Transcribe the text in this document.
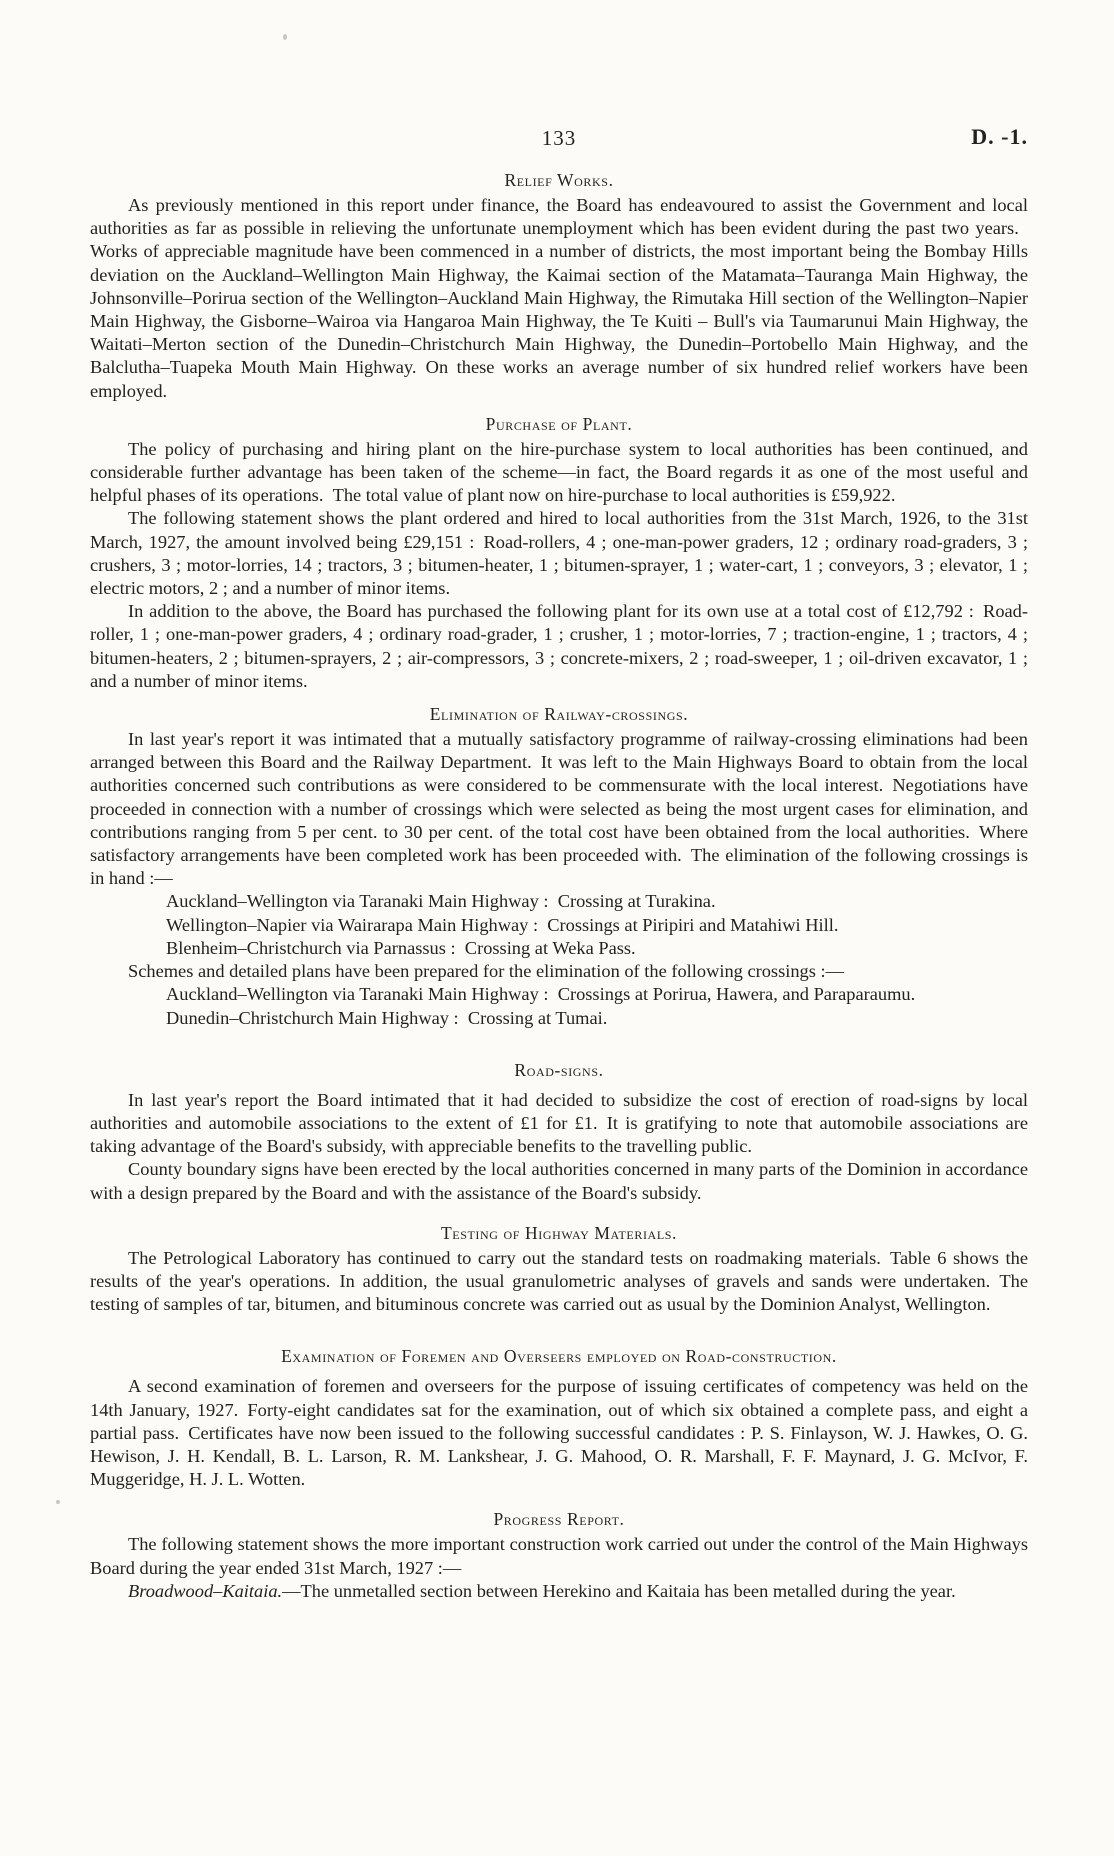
133	D. -1.
Relief Works.

As previously mentioned in this report under finance, the Board has endeavoured to assist the Government and local authorities as far as possible in relieving the unfortunate unemployment which has been evident during the past two years. Works of appreciable magnitude have been commenced in a number of districts, the most important being the Bombay Hills deviation on the Auckland–Wellington Main Highway, the Kaimai section of the Matamata–Tauranga Main Highway, the Johnsonville–Porirua section of the Wellington–Auckland Main Highway, the Rimutaka Hill section of the Wellington–Napier Main Highway, the Gisborne–Wairoa via Hangaroa Main Highway, the Te Kuiti – Bull's via Taumarunui Main Highway, the Waitati–Merton section of the Dunedin–Christchurch Main Highway, the Dunedin–Portobello Main Highway, and the Balclutha–Tuapeka Mouth Main Highway. On these works an average number of six hundred relief workers have been employed.

Purchase of Plant.

The policy of purchasing and hiring plant on the hire-purchase system to local authorities has been continued, and considerable further advantage has been taken of the scheme—in fact, the Board regards it as one of the most useful and helpful phases of its operations. The total value of plant now on hire-purchase to local authorities is £59,922.

The following statement shows the plant ordered and hired to local authorities from the 31st March, 1926, to the 31st March, 1927, the amount involved being £29,151 : Road-rollers, 4 ; one-man-power graders, 12 ; ordinary road-graders, 3 ; crushers, 3 ; motor-lorries, 14 ; tractors, 3 ; bitumen-heater, 1 ; bitumen-sprayer, 1 ; water-cart, 1 ; conveyors, 3 ; elevator, 1 ; electric motors, 2 ; and a number of minor items.

In addition to the above, the Board has purchased the following plant for its own use at a total cost of £12,792 : Road-roller, 1 ; one-man-power graders, 4 ; ordinary road-grader, 1 ; crusher, 1 ; motor-lorries, 7 ; traction-engine, 1 ; tractors, 4 ; bitumen-heaters, 2 ; bitumen-sprayers, 2 ; air-compressors, 3 ; concrete-mixers, 2 ; road-sweeper, 1 ; oil-driven excavator, 1 ; and a number of minor items.

Elimination of Railway-crossings.

In last year's report it was intimated that a mutually satisfactory programme of railway-crossing eliminations had been arranged between this Board and the Railway Department. It was left to the Main Highways Board to obtain from the local authorities concerned such contributions as were considered to be commensurate with the local interest. Negotiations have proceeded in connection with a number of crossings which were selected as being the most urgent cases for elimination, and contributions ranging from 5 per cent. to 30 per cent. of the total cost have been obtained from the local authorities. Where satisfactory arrangements have been completed work has been proceeded with. The elimination of the following crossings is in hand :—

Auckland–Wellington via Taranaki Main Highway : Crossing at Turakina.

Wellington–Napier via Wairarapa Main Highway : Crossings at Piripiri and Matahiwi Hill.

Blenheim–Christchurch via Parnassus : Crossing at Weka Pass.

Schemes and detailed plans have been prepared for the elimination of the following crossings :—

Auckland–Wellington via Taranaki Main Highway : Crossings at Porirua, Hawera, and Paraparaumu.

Dunedin–Christchurch Main Highway : Crossing at Tumai.

Road-signs.

In last year's report the Board intimated that it had decided to subsidize the cost of erection of road-signs by local authorities and automobile associations to the extent of £1 for £1. It is gratifying to note that automobile associations are taking advantage of the Board's subsidy, with appreciable benefits to the travelling public.

County boundary signs have been erected by the local authorities concerned in many parts of the Dominion in accordance with a design prepared by the Board and with the assistance of the Board's subsidy.

Testing of Highway Materials.

The Petrological Laboratory has continued to carry out the standard tests on roadmaking materials. Table 6 shows the results of the year's operations. In addition, the usual granulometric analyses of gravels and sands were undertaken. The testing of samples of tar, bitumen, and bituminous concrete was carried out as usual by the Dominion Analyst, Wellington.

Examination of Foremen and Overseers employed on Road-construction.

A second examination of foremen and overseers for the purpose of issuing certificates of competency was held on the 14th January, 1927. Forty-eight candidates sat for the examination, out of which six obtained a complete pass, and eight a partial pass. Certificates have now been issued to the following successful candidates : P. S. Finlayson, W. J. Hawkes, O. G. Hewison, J. H. Kendall, B. L. Larson, R. M. Lankshear, J. G. Mahood, O. R. Marshall, F. F. Maynard, J. G. McIvor, F. Muggeridge, H. J. L. Wotten.

Progress Report.

The following statement shows the more important construction work carried out under the control of the Main Highways Board during the year ended 31st March, 1927 :—

Broadwood–Kaitaia.—The unmetalled section between Herekino and Kaitaia has been metalled during the year.
